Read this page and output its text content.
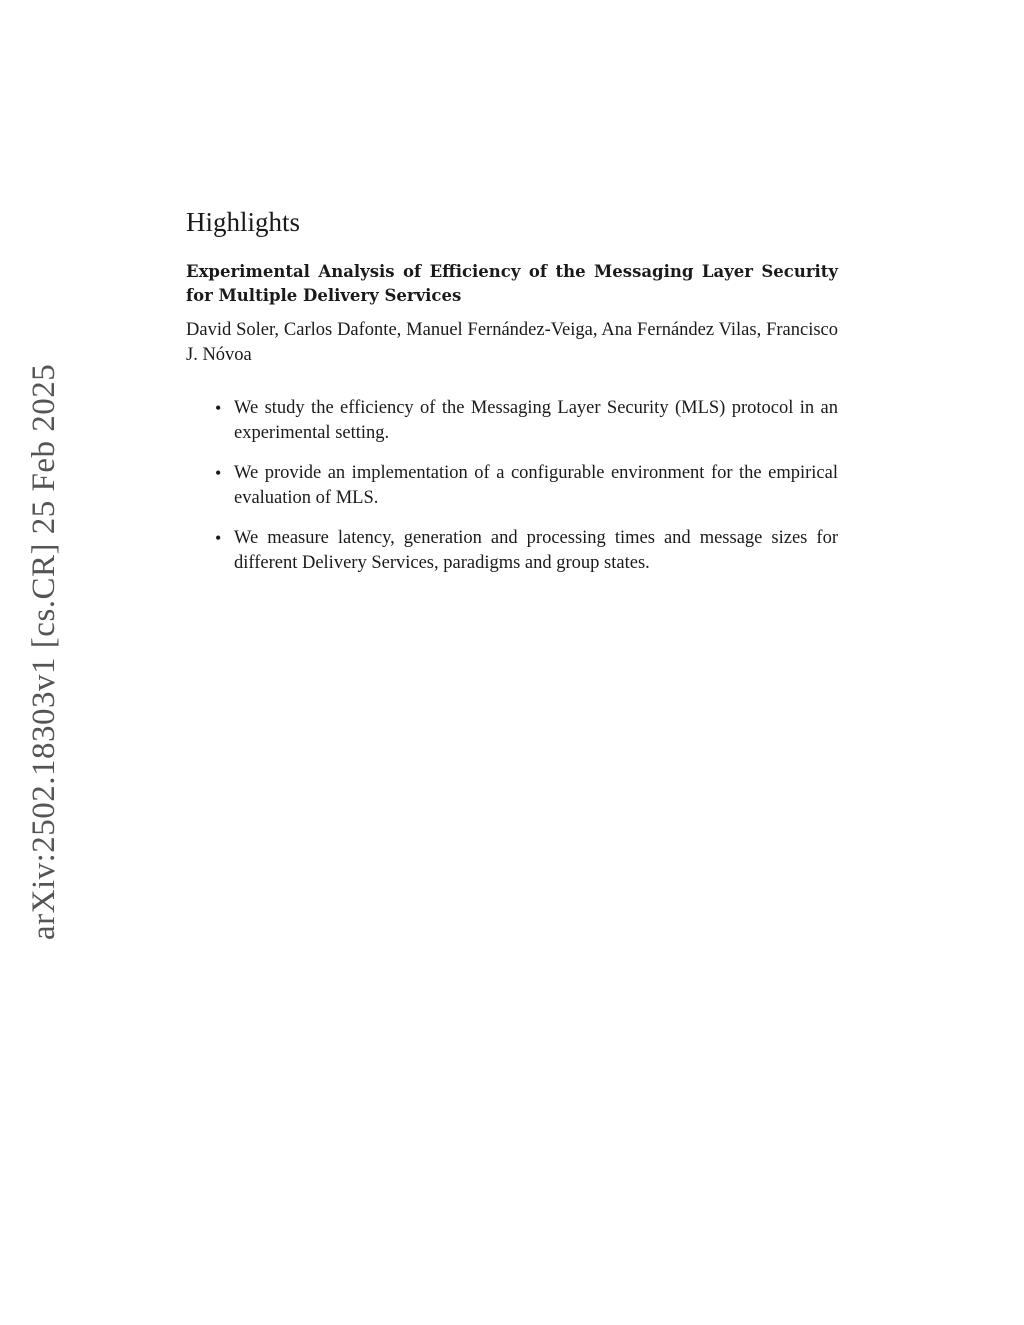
arXiv:2502.18303v1 [cs.CR] 25 Feb 2025
Highlights
Experimental Analysis of Efficiency of the Messaging Layer Security for Multiple Delivery Services
David Soler, Carlos Dafonte, Manuel Fernández-Veiga, Ana Fernández Vilas, Francisco J. Nóvoa
• We study the efficiency of the Messaging Layer Security (MLS) protocol in an experimental setting.
• We provide an implementation of a configurable environment for the empirical evaluation of MLS.
• We measure latency, generation and processing times and message sizes for different Delivery Services, paradigms and group states.
